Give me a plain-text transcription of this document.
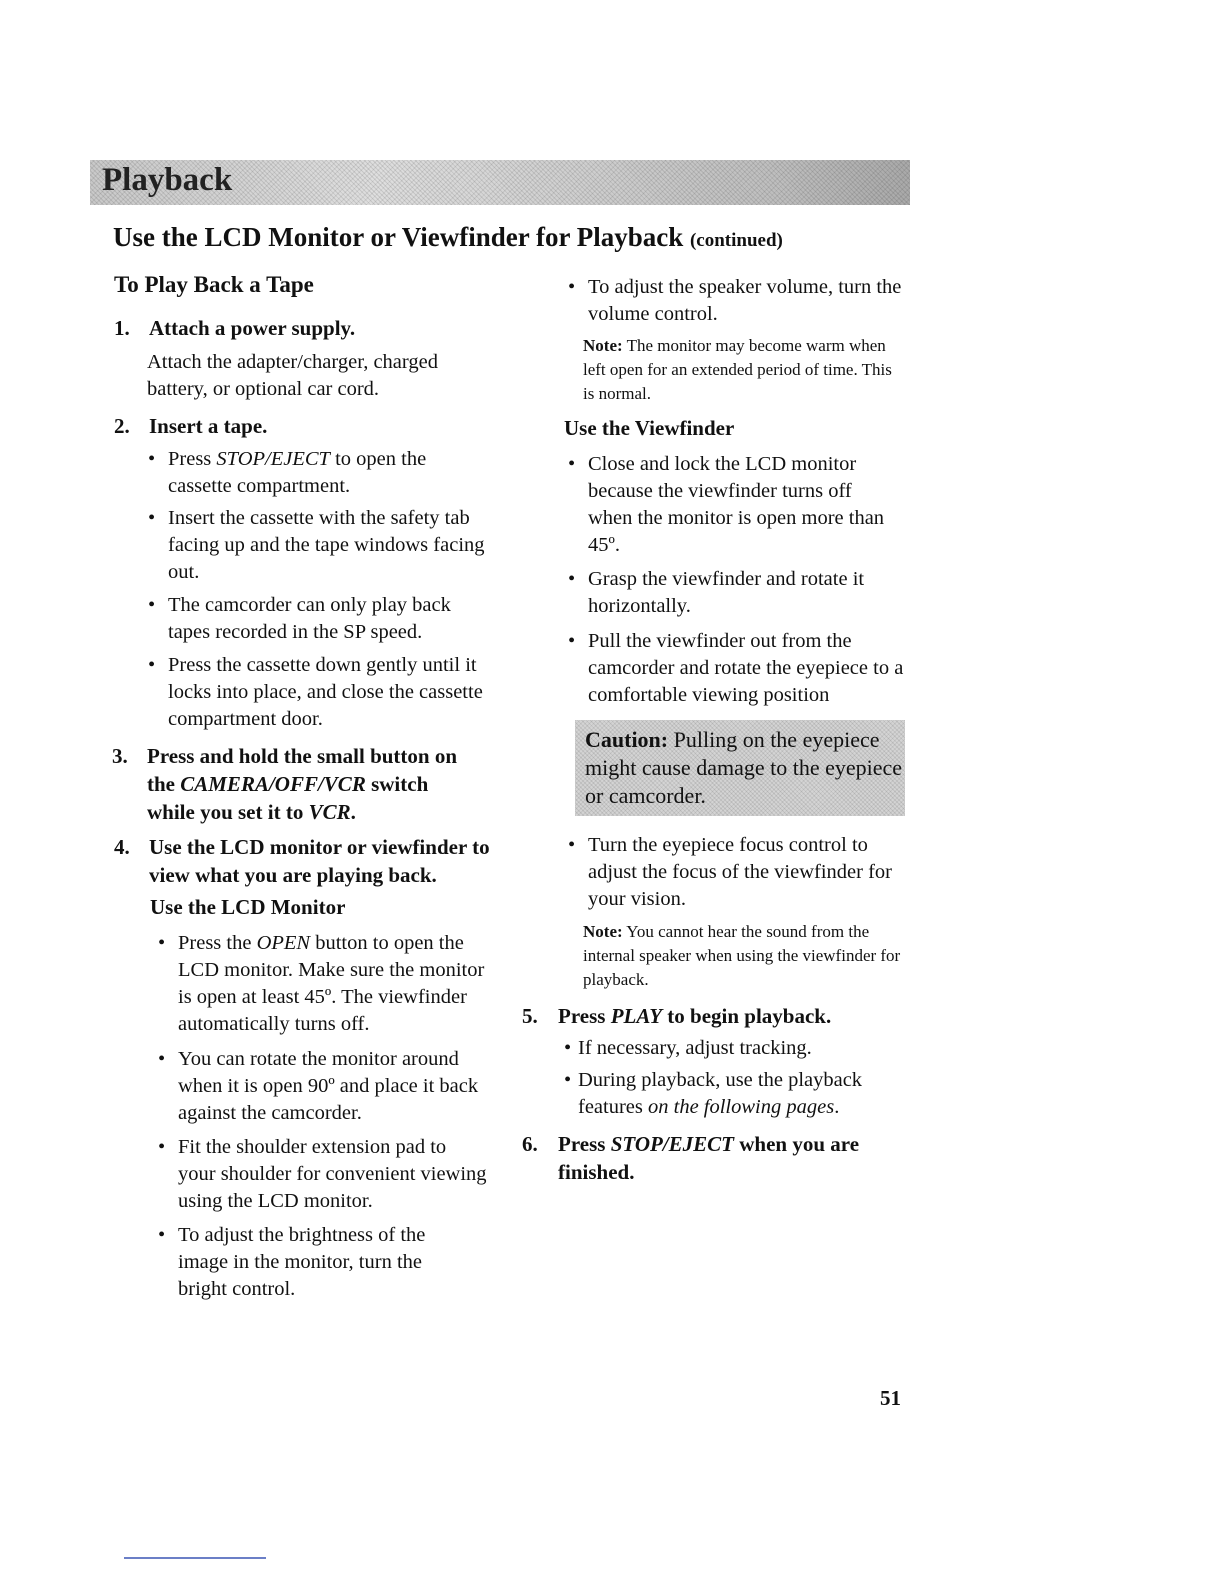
Playback
Use the LCD Monitor or Viewfinder for Playback (continued)
To Play Back a Tape
1. Attach a power supply.
Attach the adapter/charger, charged battery, or optional car cord.
2. Insert a tape.
• Press STOP/EJECT to open the cassette compartment.
• Insert the cassette with the safety tab facing up and the tape windows facing out.
• The camcorder can only play back tapes recorded in the SP speed.
• Press the cassette down gently until it locks into place, and close the cassette compartment door.
3. Press and hold the small button on
the CAMERA/OFF/VCR switch
while you set it to VCR.
4. Use the LCD monitor or viewfinder to view what you are playing back.
Use the LCD Monitor
• Press the OPEN button to open the LCD monitor. Make sure the monitor is open at least 45º. The viewfinder automatically turns off.
• You can rotate the monitor around when it is open 90º and place it back against the camcorder.
• Fit the shoulder extension pad to your shoulder for convenient viewing using the LCD monitor.
• To adjust the brightness of the image in the monitor, turn the bright control.
• To adjust the speaker volume, turn the volume control.
Note: The monitor may become warm when left open for an extended period of time. This is normal.
Use the Viewfinder
• Close and lock the LCD monitor because the viewfinder turns off when the monitor is open more than 45º.
• Grasp the viewfinder and rotate it horizontally.
• Pull the viewfinder out from the camcorder and rotate the eyepiece to a comfortable viewing position
Caution: Pulling on the eyepiece might cause damage to the eyepiece or camcorder.
• Turn the eyepiece focus control to adjust the focus of the viewfinder for your vision.
Note: You cannot hear the sound from the internal speaker when using the viewfinder for playback.
5. Press PLAY to begin playback.
• If necessary, adjust tracking.
• During playback, use the playback features on the following pages.
6. Press STOP/EJECT when you are finished.
51
